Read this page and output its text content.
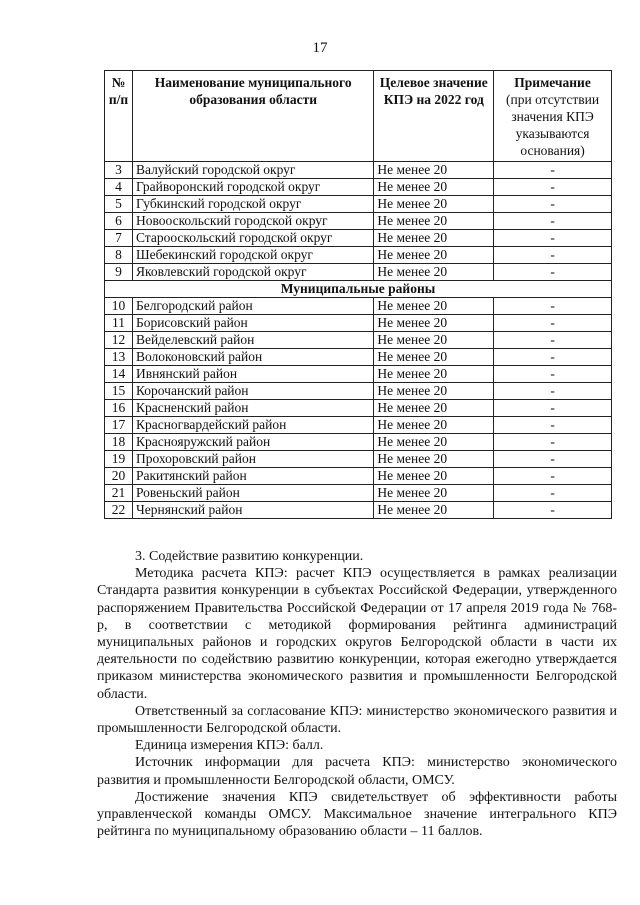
17
№ п/п	Наименование муниципального образования области	Целевое значение КПЭ на 2022 год	Примечание
(при отсутствии значения КПЭ указываются основания)

3	Валуйский городской округ	Не менее 20	-
4	Грайворонский городской округ	Не менее 20	-
5	Губкинский городской округ	Не менее 20	-
6	Новооскольский городской округ	Не менее 20	-
7	Старооскольский городской округ	Не менее 20	-
8	Шебекинский городской округ	Не менее 20	-
9	Яковлевский городской округ	Не менее 20	-
Муниципальные районы			
10	Белгородский район	Не менее 20	-
11	Борисовский район	Не менее 20	-
12	Вейделевский район	Не менее 20	-
13	Волоконовский район	Не менее 20	-
14	Ивнянский район	Не менее 20	-
15	Корочанский район	Не менее 20	-
16	Красненский район	Не менее 20	-
17	Красногвардейский район	Не менее 20	-
18	Краснояружский район	Не менее 20	-
19	Прохоровский район	Не менее 20	-
20	Ракитянский район	Не менее 20	-
21	Ровеньский район	Не менее 20	-
22	Чернянский район	Не менее 20	-

3. Содействие развитию конкуренции.

Методика расчета КПЭ: расчет КПЭ осуществляется в рамках реализации Стандарта развития конкуренции в субъектах Российской Федерации, утвержденного распоряжением Правительства Российской Федерации от 17 апреля 2019 года № 768-р, в соответствии с методикой формирования рейтинга администраций муниципальных районов и городских округов Белгородской области в части их деятельности по содействию развитию конкуренции, которая ежегодно утверждается приказом министерства экономического развития и промышленности Белгородской области.

Ответственный за согласование КПЭ: министерство экономического развития и промышленности Белгородской области.

Единица измерения КПЭ: балл.

Источник информации для расчета КПЭ: министерство экономического развития и промышленности Белгородской области, ОМСУ.

Достижение значения КПЭ свидетельствует об эффективности работы управленческой команды ОМСУ. Максимальное значение интегрального КПЭ рейтинга по муниципальному образованию области – 11 баллов.
